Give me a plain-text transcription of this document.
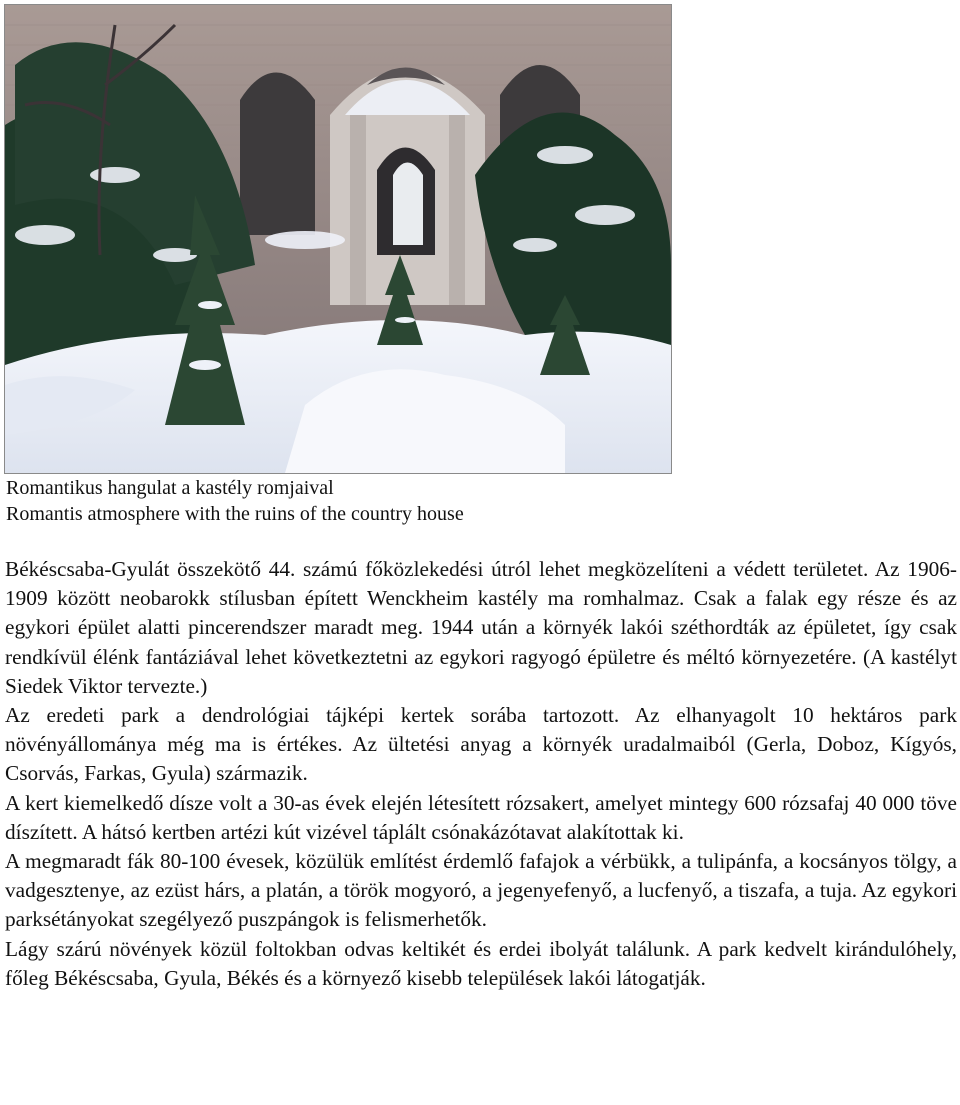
Romantikus hangulat a kastély romjaival
Romantis atmosphere with the ruins of the country house

Békéscsaba-Gyulát összekötő 44. számú főközlekedési útról lehet megközelíteni a védett területet. Az 1906-1909 között neobarokk stílusban épített Wenckheim kastély ma romhalmaz. Csak a falak egy része és az egykori épület alatti pincerendszer maradt meg. 1944 után a környék lakói széthordták az épületet, így csak rendkívül élénk fantáziával lehet következtetni az egykori ragyogó épületre és méltó környezetére. (A kastélyt Siedek Viktor tervezte.)

Az eredeti park a dendrológiai tájképi kertek sorába tartozott. Az elhanyagolt 10 hektáros park növényállománya még ma is értékes. Az ültetési anyag a környék uradalmaiból (Gerla, Doboz, Kígyós, Csorvás, Farkas, Gyula) származik.

A kert kiemelkedő dísze volt a 30-as évek elején létesített rózsakert, amelyet mintegy 600 rózsafaj 40 000 töve díszített. A hátsó kertben artézi kút vizével táplált csónakázótavat alakítottak ki.

A megmaradt fák 80-100 évesek, közülük említést érdemlő fafajok a vérbükk, a tulipánfa, a kocsányos tölgy, a vadgesztenye, az ezüst hárs, a platán, a török mogyoró, a jegenyefenyő, a lucfenyő, a tiszafa, a tuja. Az egykori parksétányokat szegélyező puszpángok is felismerhetők.

Lágy szárú növények közül foltokban odvas keltikét és erdei ibolyát találunk. A park kedvelt kirándulóhely, főleg Békéscsaba, Gyula, Békés és a környező kisebb települések lakói látogatják.
